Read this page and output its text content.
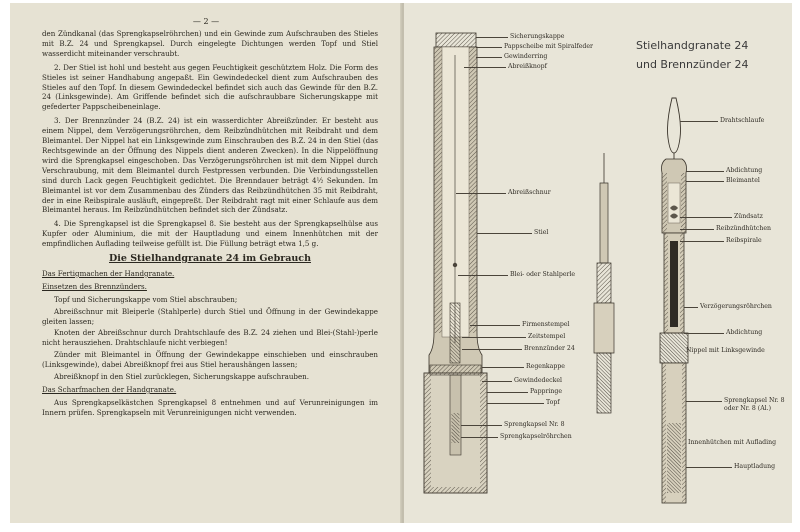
— 2 —

den Zündkanal (das Sprengkapselröhrchen) und ein Gewinde zum Aufschrauben des Stieles mit B.Z. 24 und Sprengkapsel. Durch eingelegte Dichtungen werden Topf und Stiel wasserdicht miteinander verschraubt.

2. Der Stiel ist hohl und besteht aus gegen Feuchtigkeit geschütztem Holz. Die Form des Stieles ist seiner Handhabung angepaßt. Ein Gewindedeckel dient zum Aufschrauben des Stieles auf den Topf. In diesem Gewindedeckel befindet sich auch das Gewinde für den B.Z. 24 (Linksgewinde). Am Griffende befindet sich die aufschraubbare Sicherungskappe mit gefederter Pappscheibeneinlage.

3. Der Brennzünder 24 (B.Z. 24) ist ein wasserdichter Abreißzünder. Er besteht aus einem Nippel, dem Verzögerungsröhrchen, dem Reibzündhütchen mit Reibdraht und dem Bleimantel. Der Nippel hat ein Linksgewinde zum Einschrauben des B.Z. 24 in den Stiel (das Rechtsgewinde an der Öffnung des Nippels dient anderen Zwecken). In die Nippelöffnung wird die Sprengkapsel eingeschoben. Das Verzögerungsröhrchen ist mit dem Nippel durch Verschraubung, mit dem Bleimantel durch Festpressen verbunden. Die Verbindungsstellen sind durch Lack gegen Feuchtigkeit gedichtet. Die Brenndauer beträgt 4½ Sekunden. Im Bleimantel ist vor dem Zusammenbau des Zünders das Reibzündhütchen 35 mit Reibdraht, der in eine Reibspirale ausläuft, eingepreßt. Der Reibdraht ragt mit einer Schlaufe aus dem Bleimantel heraus. Im Reibzündhütchen befindet sich der Zündsatz.

4. Die Sprengkapsel ist die Sprengkapsel 8. Sie besteht aus der Sprengkapselhülse aus Kupfer oder Aluminium, die mit der Hauptladung und einem Innenhütchen mit der empfindlichen Auflading teilweise gefüllt ist. Die Füllung beträgt etwa 1,5 g.

Die Stielhandgranate 24 im Gebrauch
Das Fertigmachen der Handgranate.
Einsetzen des Brennzünders.
Topf und Sicherungskappe vom Stiel abschrauben;
Abreißschnur mit Bleiperle (Stahlperle) durch Stiel und Öffnung in der Gewindekappe gleiten lassen;
Knoten der Abreißschnur durch Drahtschlaufe des B.Z. 24 ziehen und Blei-(Stahl-)perle nicht herausziehen. Drahtschlaufe nicht verbiegen!
Zünder mit Bleimantel in Öffnung der Gewindekappe einschieben und einschrauben (Linksgewinde), dabei Abreißknopf frei aus Stiel heraushängen lassen;
Abreißknopf in den Stiel zurücklegen, Sicherungskappe aufschrauben.
Das Scharfmachen der Handgranate.

Aus Sprengkapselkästchen Sprengkapsel 8 entnehmen und auf Verunreinigungen im Innern prüfen. Sprengkapseln mit Verunreinigungen nicht verwenden.

Stielhandgranate 24
und Brennzünder 24
Sicherungskappe
Pappscheibe mit Spiralfeder
Gewinderring
Abreißknopf
Abreißschnur
Stiel
Blei- oder Stahlperle
Firmenstempel
Zeitstempel
Brennzünder 24
Regenkappe
Gewindedeckel
Pappringe
Topf
Sprengkapsel Nr. 8
Sprengkapselröhrchen
Drahtschlaufe
Abdichtung
Bleimantel
Zündsatz
Reibzündhütchen
Reibspirale
Verzögerungsröhrchen
Abdichtung
Nippel mit Linksgewinde
Sprengkapsel Nr. 8
oder Nr. 8 (Al.)
Innenhütchen mit Auflading
Hauptladung
